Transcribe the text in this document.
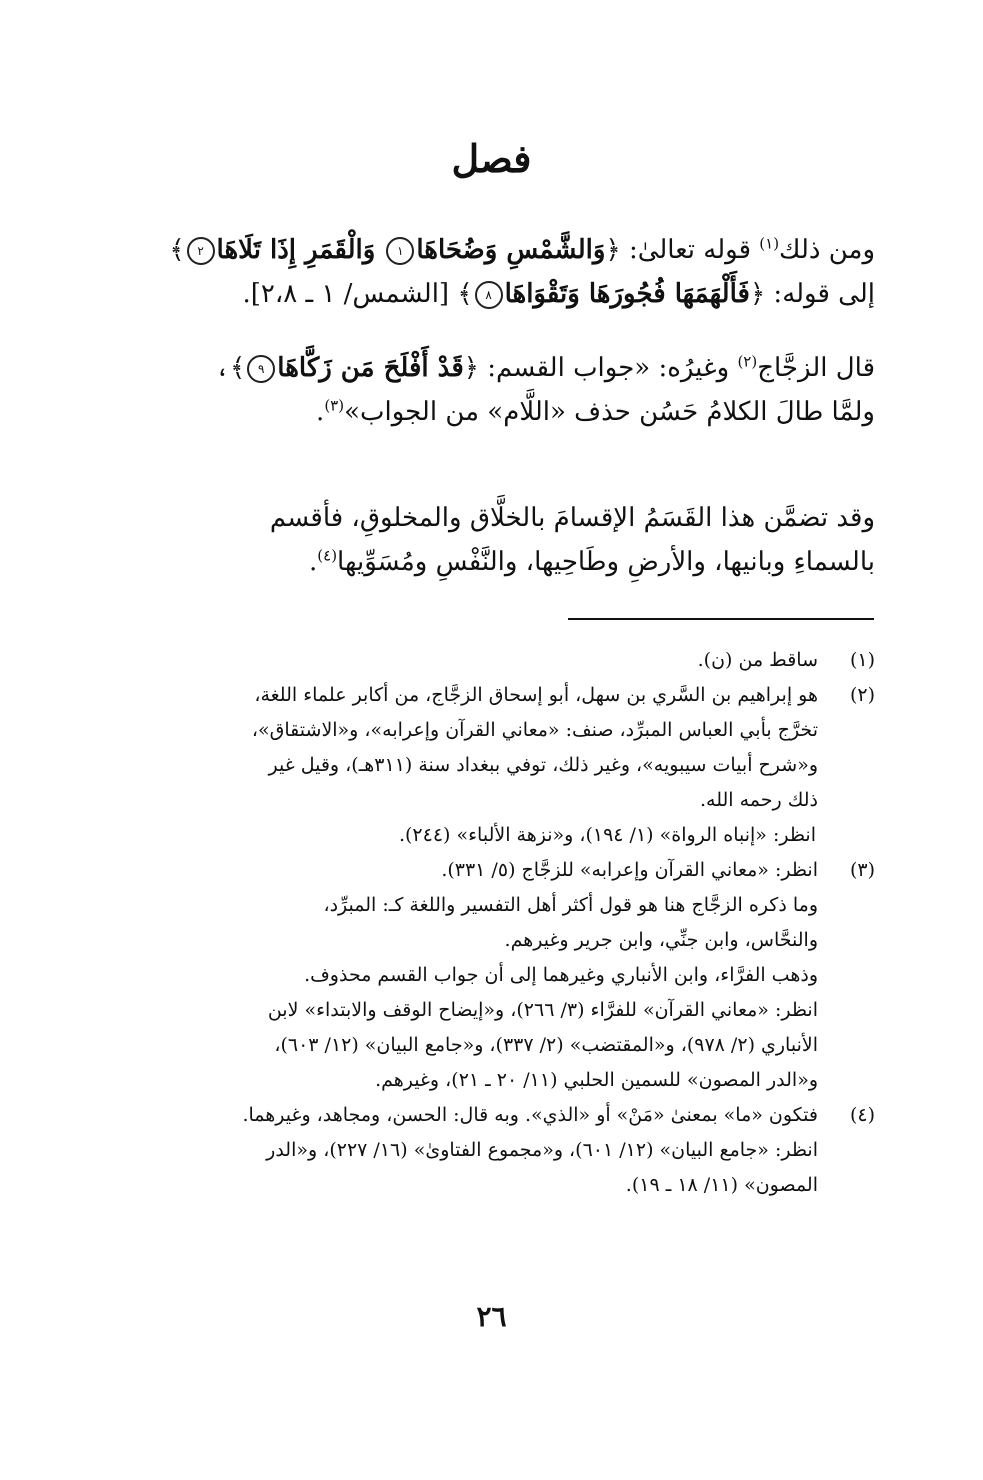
فصل
ومن ذلك$^{(١)}$ قوله تعالىٰ: ﴿وَالشَّمْسِ وَضُحَاهَا١ وَالْقَمَرِ إِذَا تَلَاهَا٢﴾
إلى قوله: ﴿فَأَلْهَمَهَا فُجُورَهَا وَتَقْوَاهَا٨﴾ [الشمس/ ١ ـ ٢،٨].
قال الزجَّاج$^{(٢)}$ وغيرُه: «جواب القسم: ﴿قَدْ أَفْلَحَ مَن زَكَّاهَا٩﴾،
ولمَّا طالَ الكلامُ حَسُن حذف «اللَّام» من الجواب»$^{(٣)}$.
وقد تضمَّن هذا القَسَمُ الإقسامَ بالخلَّاق والمخلوقِ، فأقسم
بالسماءِ وبانيها، والأرضِ وطَاحِيها، والنَّفْسِ ومُسَوِّيها$^{(٤)}$.
(١)
ساقط من (ن).
(٢)
هو إبراهيم بن السَّري بن سهل، أبو إسحاق الزجَّاج، من أكابر علماء اللغة،
تخرَّج بأبي العباس المبرِّد، صنف: «معاني القرآن وإعرابه»، و«الاشتقاق»،
و«شرح أبيات سيبويه»، وغير ذلك، توفي ببغداد سنة (٣١١هـ)، وقيل غير
ذلك رحمه الله.
انظر: «إنباه الرواة» (١/ ١٩٤)، و«نزهة الألباء» (٢٤٤).
(٣)
انظر: «معاني القرآن وإعرابه» للزجَّاج (٥/ ٣٣١).
وما ذكره الزجَّاج هنا هو قول أكثر أهل التفسير واللغة كـ: المبرِّد،
والنحَّاس، وابن جنِّي، وابن جرير وغيرهم.
وذهب الفرَّاء، وابن الأنباري وغيرهما إلى أن جواب القسم محذوف.
انظر: «معاني القرآن» للفرَّاء (٣/ ٢٦٦)، و«إيضاح الوقف والابتداء» لابن
الأنباري (٢/ ٩٧٨)، و«المقتضب» (٢/ ٣٣٧)، و«جامع البيان» (١٢/ ٦٠٣)،
و«الدر المصون» للسمين الحلبي (١١/ ٢٠ ـ ٢١)، وغيرهم.
(٤)
فتكون «ما» بمعنىٰ «مَنْ» أو «الذي». وبه قال: الحسن، ومجاهد، وغيرهما.
انظر: «جامع البيان» (١٢/ ٦٠١)، و«مجموع الفتاوىٰ» (١٦/ ٢٢٧)، و«الدر
المصون» (١١/ ١٨ ـ ١٩).
٢٦
